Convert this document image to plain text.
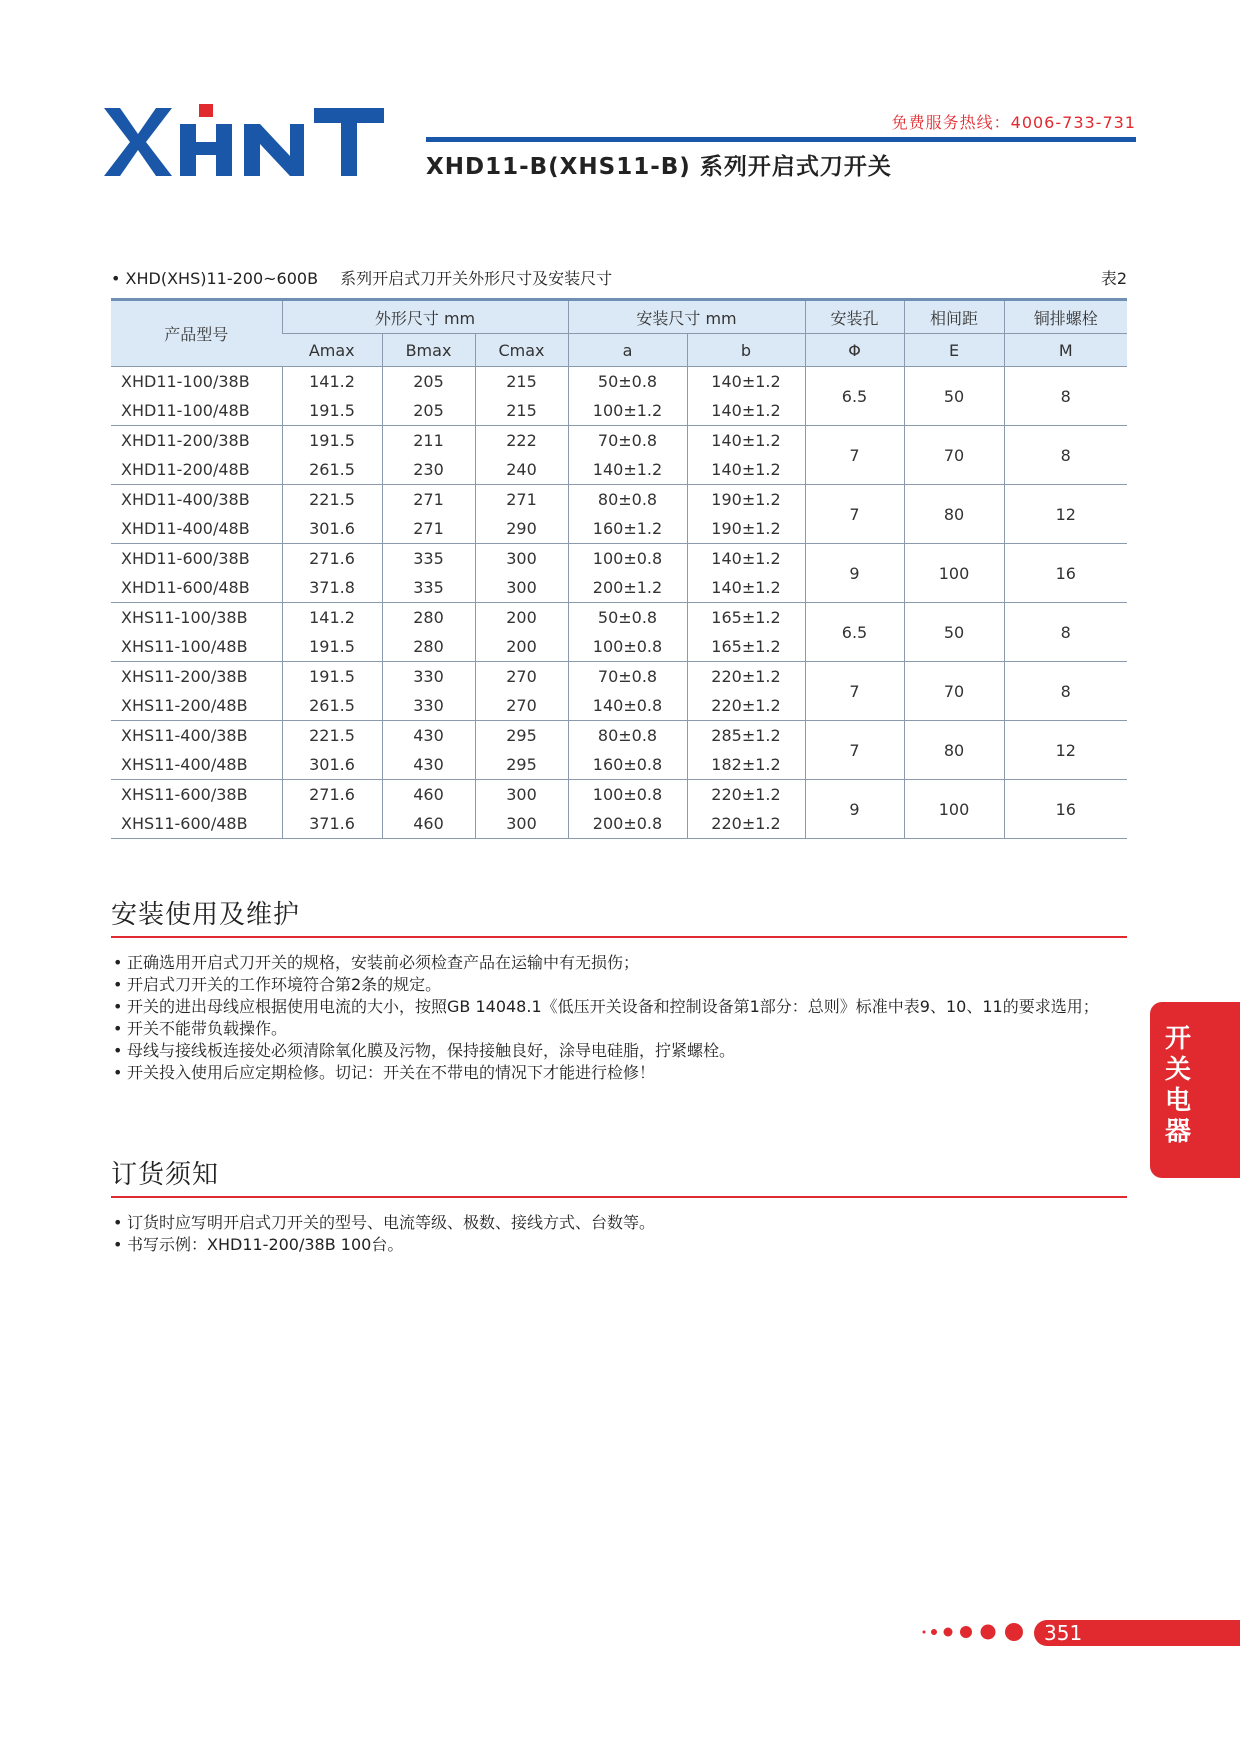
免费服务热线：4006-733-731
XHD11-B(XHS11-B) 系列开启式刀开关
• XHD(XHS)11-200~600B 系列开启式刀开关外形尺寸及安装尺寸	表2
产品型号	外形尺寸 mm			安装尺寸 mm		安装孔	相间距	铜排螺栓
	Amax	Bmax	Cmax	a	b	Φ	E	M
XHD11-100/38B	141.2	205	215	50±0.8	140±1.2	6.5	50	8
XHD11-100/48B	191.5	205	215	100±1.2	140±1.2			
XHD11-200/38B	191.5	211	222	70±0.8	140±1.2	7	70	8
XHD11-200/48B	261.5	230	240	140±1.2	140±1.2			
XHD11-400/38B	221.5	271	271	80±0.8	190±1.2	7	80	12
XHD11-400/48B	301.6	271	290	160±1.2	190±1.2			
XHD11-600/38B	271.6	335	300	100±0.8	140±1.2	9	100	16
XHD11-600/48B	371.8	335	300	200±1.2	140±1.2			
XHS11-100/38B	141.2	280	200	50±0.8	165±1.2	6.5	50	8
XHS11-100/48B	191.5	280	200	100±0.8	165±1.2			
XHS11-200/38B	191.5	330	270	70±0.8	220±1.2	7	70	8
XHS11-200/48B	261.5	330	270	140±0.8	220±1.2			
XHS11-400/38B	221.5	430	295	80±0.8	285±1.2	7	80	12
XHS11-400/48B	301.6	430	295	160±0.8	182±1.2			
XHS11-600/38B	271.6	460	300	100±0.8	220±1.2	9	100	16
XHS11-600/48B	371.6	460	300	200±0.8	220±1.2			
安装使用及维护
• 正确选用开启式刀开关的规格，安装前必须检查产品在运输中有无损伤；
• 开启式刀开关的工作环境符合第2条的规定。
• 开关的进出母线应根据使用电流的大小，按照GB 14048.1《低压开关设备和控制设备第1部分：总则》标准中表9、10、11的要求选用；
• 开关不能带负载操作。
• 母线与接线板连接处必须清除氧化膜及污物，保持接触良好，涂导电硅脂，拧紧螺栓。
• 开关投入使用后应定期检修。切记：开关在不带电的情况下才能进行检修！
订货须知
• 订货时应写明开启式刀开关的型号、电流等级、极数、接线方式、台数等。
• 书写示例：XHD11-200/38B 100台。
开
关
电
器
351
